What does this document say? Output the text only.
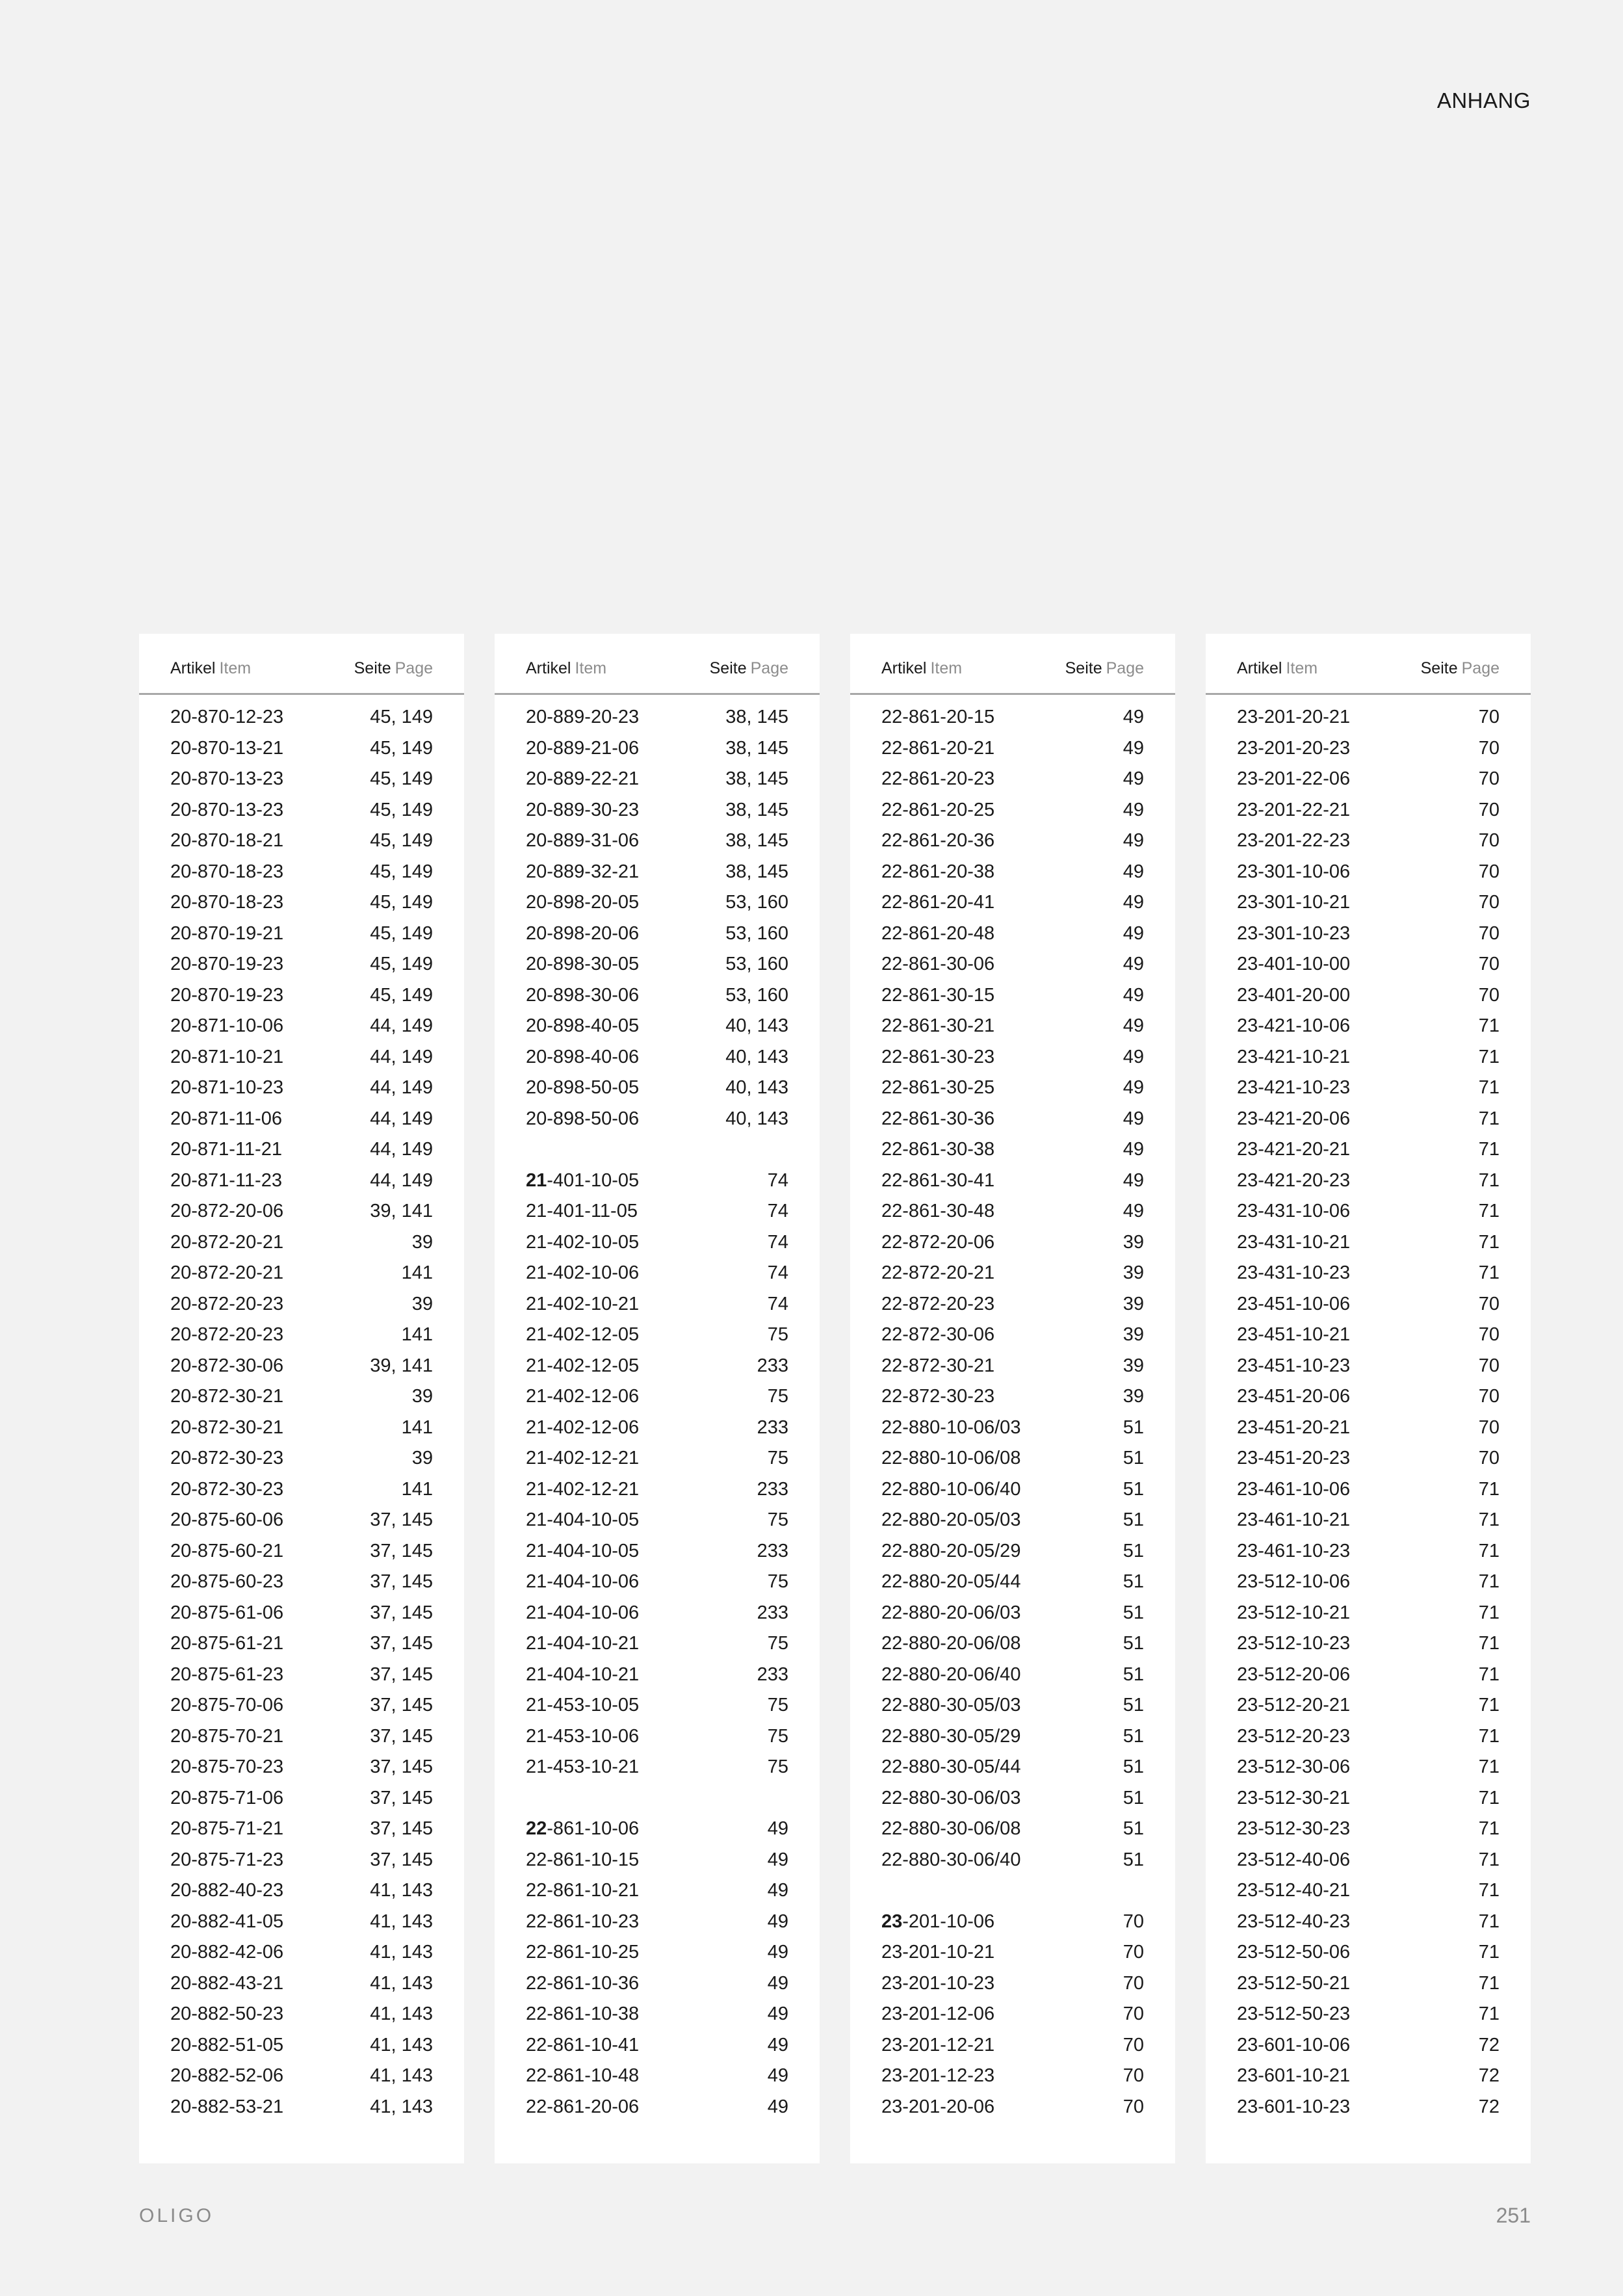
ANHANG
Artikel Item	Seite Page
20-870-12-23	45, 149
20-870-13-21	45, 149
20-870-13-23	45, 149
20-870-13-23	45, 149
20-870-18-21	45, 149
20-870-18-23	45, 149
20-870-18-23	45, 149
20-870-19-21	45, 149
20-870-19-23	45, 149
20-870-19-23	45, 149
20-871-10-06	44, 149
20-871-10-21	44, 149
20-871-10-23	44, 149
20-871-11-06	44, 149
20-871-11-21	44, 149
20-871-11-23	44, 149
20-872-20-06	39, 141
20-872-20-21	39
20-872-20-21	141
20-872-20-23	39
20-872-20-23	141
20-872-30-06	39, 141
20-872-30-21	39
20-872-30-21	141
20-872-30-23	39
20-872-30-23	141
20-875-60-06	37, 145
20-875-60-21	37, 145
20-875-60-23	37, 145
20-875-61-06	37, 145
20-875-61-21	37, 145
20-875-61-23	37, 145
20-875-70-06	37, 145
20-875-70-21	37, 145
20-875-70-23	37, 145
20-875-71-06	37, 145
20-875-71-21	37, 145
20-875-71-23	37, 145
20-882-40-23	41, 143
20-882-41-05	41, 143
20-882-42-06	41, 143
20-882-43-21	41, 143
20-882-50-23	41, 143
20-882-51-05	41, 143
20-882-52-06	41, 143
20-882-53-21	41, 143
Artikel Item	Seite Page
20-889-20-23	38, 145
20-889-21-06	38, 145
20-889-22-21	38, 145
20-889-30-23	38, 145
20-889-31-06	38, 145
20-889-32-21	38, 145
20-898-20-05	53, 160
20-898-20-06	53, 160
20-898-30-05	53, 160
20-898-30-06	53, 160
20-898-40-05	40, 143
20-898-40-06	40, 143
20-898-50-05	40, 143
20-898-50-06	40, 143
21-401-10-05	74
21-401-11-05	74
21-402-10-05	74
21-402-10-06	74
21-402-10-21	74
21-402-12-05	75
21-402-12-05	233
21-402-12-06	75
21-402-12-06	233
21-402-12-21	75
21-402-12-21	233
21-404-10-05	75
21-404-10-05	233
21-404-10-06	75
21-404-10-06	233
21-404-10-21	75
21-404-10-21	233
21-453-10-05	75
21-453-10-06	75
21-453-10-21	75
22-861-10-06	49
22-861-10-15	49
22-861-10-21	49
22-861-10-23	49
22-861-10-25	49
22-861-10-36	49
22-861-10-38	49
22-861-10-41	49
22-861-10-48	49
22-861-20-06	49
Artikel Item	Seite Page
22-861-20-15	49
22-861-20-21	49
22-861-20-23	49
22-861-20-25	49
22-861-20-36	49
22-861-20-38	49
22-861-20-41	49
22-861-20-48	49
22-861-30-06	49
22-861-30-15	49
22-861-30-21	49
22-861-30-23	49
22-861-30-25	49
22-861-30-36	49
22-861-30-38	49
22-861-30-41	49
22-861-30-48	49
22-872-20-06	39
22-872-20-21	39
22-872-20-23	39
22-872-30-06	39
22-872-30-21	39
22-872-30-23	39
22-880-10-06/03	51
22-880-10-06/08	51
22-880-10-06/40	51
22-880-20-05/03	51
22-880-20-05/29	51
22-880-20-05/44	51
22-880-20-06/03	51
22-880-20-06/08	51
22-880-20-06/40	51
22-880-30-05/03	51
22-880-30-05/29	51
22-880-30-05/44	51
22-880-30-06/03	51
22-880-30-06/08	51
22-880-30-06/40	51
23-201-10-06	70
23-201-10-21	70
23-201-10-23	70
23-201-12-06	70
23-201-12-21	70
23-201-12-23	70
23-201-20-06	70
Artikel Item	Seite Page
23-201-20-21	70
23-201-20-23	70
23-201-22-06	70
23-201-22-21	70
23-201-22-23	70
23-301-10-06	70
23-301-10-21	70
23-301-10-23	70
23-401-10-00	70
23-401-20-00	70
23-421-10-06	71
23-421-10-21	71
23-421-10-23	71
23-421-20-06	71
23-421-20-21	71
23-421-20-23	71
23-431-10-06	71
23-431-10-21	71
23-431-10-23	71
23-451-10-06	70
23-451-10-21	70
23-451-10-23	70
23-451-20-06	70
23-451-20-21	70
23-451-20-23	70
23-461-10-06	71
23-461-10-21	71
23-461-10-23	71
23-512-10-06	71
23-512-10-21	71
23-512-10-23	71
23-512-20-06	71
23-512-20-21	71
23-512-20-23	71
23-512-30-06	71
23-512-30-21	71
23-512-30-23	71
23-512-40-06	71
23-512-40-21	71
23-512-40-23	71
23-512-50-06	71
23-512-50-21	71
23-512-50-23	71
23-601-10-06	72
23-601-10-21	72
23-601-10-23	72
OLIGO	251
